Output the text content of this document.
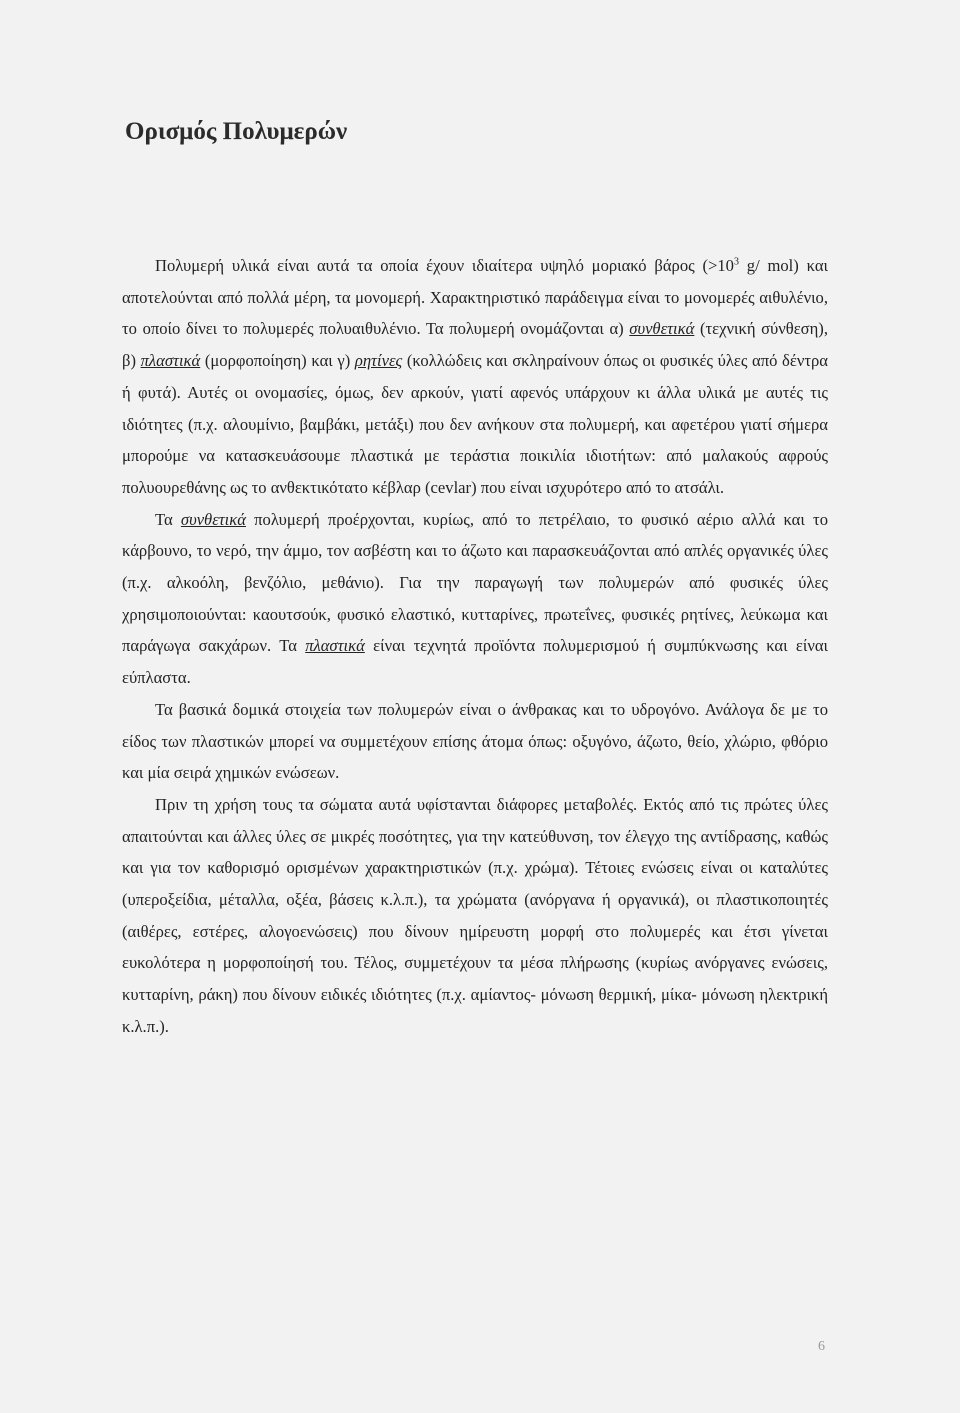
Ορισμός Πολυμερών

Πολυμερή υλικά είναι αυτά τα οποία έχουν ιδιαίτερα υψηλό μοριακό βάρος ($>10^3$ g/ mol) και αποτελούνται από πολλά μέρη, τα μονομερή. Χαρακτηριστικό παράδειγμα είναι το μονομερές αιθυλένιο, το οποίο δίνει το πολυμερές πολυαιθυλένιο. Τα πολυμερή ονομάζονται α) συνθετικά (τεχνική σύνθεση), β) πλαστικά (μορφοποίηση) και γ) ρητίνες (κολλώδεις και σκληραίνουν όπως οι φυσικές ύλες από δέντρα ή φυτά). Αυτές οι ονομασίες, όμως, δεν αρκούν, γιατί αφενός υπάρχουν κι άλλα υλικά με αυτές τις ιδιότητες (π.χ. αλουμίνιο, βαμβάκι, μετάξι) που δεν ανήκουν στα πολυμερή, και αφετέρου γιατί σήμερα μπορούμε να κατασκευάσουμε πλαστικά με τεράστια ποικιλία ιδιοτήτων: από μαλακούς αφρούς πολυουρεθάνης ως το ανθεκτικότατο κέβλαρ (cevlar) που είναι ισχυρότερο από το ατσάλι.

Τα συνθετικά πολυμερή προέρχονται, κυρίως, από το πετρέλαιο, το φυσικό αέριο αλλά και το κάρβουνο, το νερό, την άμμο, τον ασβέστη και το άζωτο και παρασκευάζονται από απλές οργανικές ύλες (π.χ. αλκοόλη, βενζόλιο, μεθάνιο). Για την παραγωγή των πολυμερών από φυσικές ύλες χρησιμοποιούνται: καουτσούκ, φυσικό ελαστικό, κυτταρίνες, πρωτεΐνες, φυσικές ρητίνες, λεύκωμα και παράγωγα σακχάρων. Τα πλαστικά είναι τεχνητά προϊόντα πολυμερισμού ή συμπύκνωσης και είναι εύπλαστα.

Τα βασικά δομικά στοιχεία των πολυμερών είναι ο άνθρακας και το υδρογόνο. Ανάλογα δε με το είδος των πλαστικών μπορεί να συμμετέχουν επίσης άτομα όπως: οξυγόνο, άζωτο, θείο, χλώριο, φθόριο και μία σειρά χημικών ενώσεων.

Πριν τη χρήση τους τα σώματα αυτά υφίστανται διάφορες μεταβολές. Εκτός από τις πρώτες ύλες απαιτούνται και άλλες ύλες σε μικρές ποσότητες, για την κατεύθυνση, τον έλεγχο της αντίδρασης, καθώς και για τον καθορισμό ορισμένων χαρακτηριστικών (π.χ. χρώμα). Τέτοιες ενώσεις είναι οι καταλύτες (υπεροξείδια, μέταλλα, οξέα, βάσεις κ.λ.π.), τα χρώματα (ανόργανα ή οργανικά), οι πλαστικοποιητές (αιθέρες, εστέρες, αλογοενώσεις) που δίνουν ημίρευστη μορφή στο πολυμερές και έτσι γίνεται ευκολότερα η μορφοποίησή του. Τέλος, συμμετέχουν τα μέσα πλήρωσης (κυρίως ανόργανες ενώσεις, κυτταρίνη, ράκη) που δίνουν ειδικές ιδιότητες (π.χ. αμίαντος- μόνωση θερμική, μίκα- μόνωση ηλεκτρική κ.λ.π.).

6
